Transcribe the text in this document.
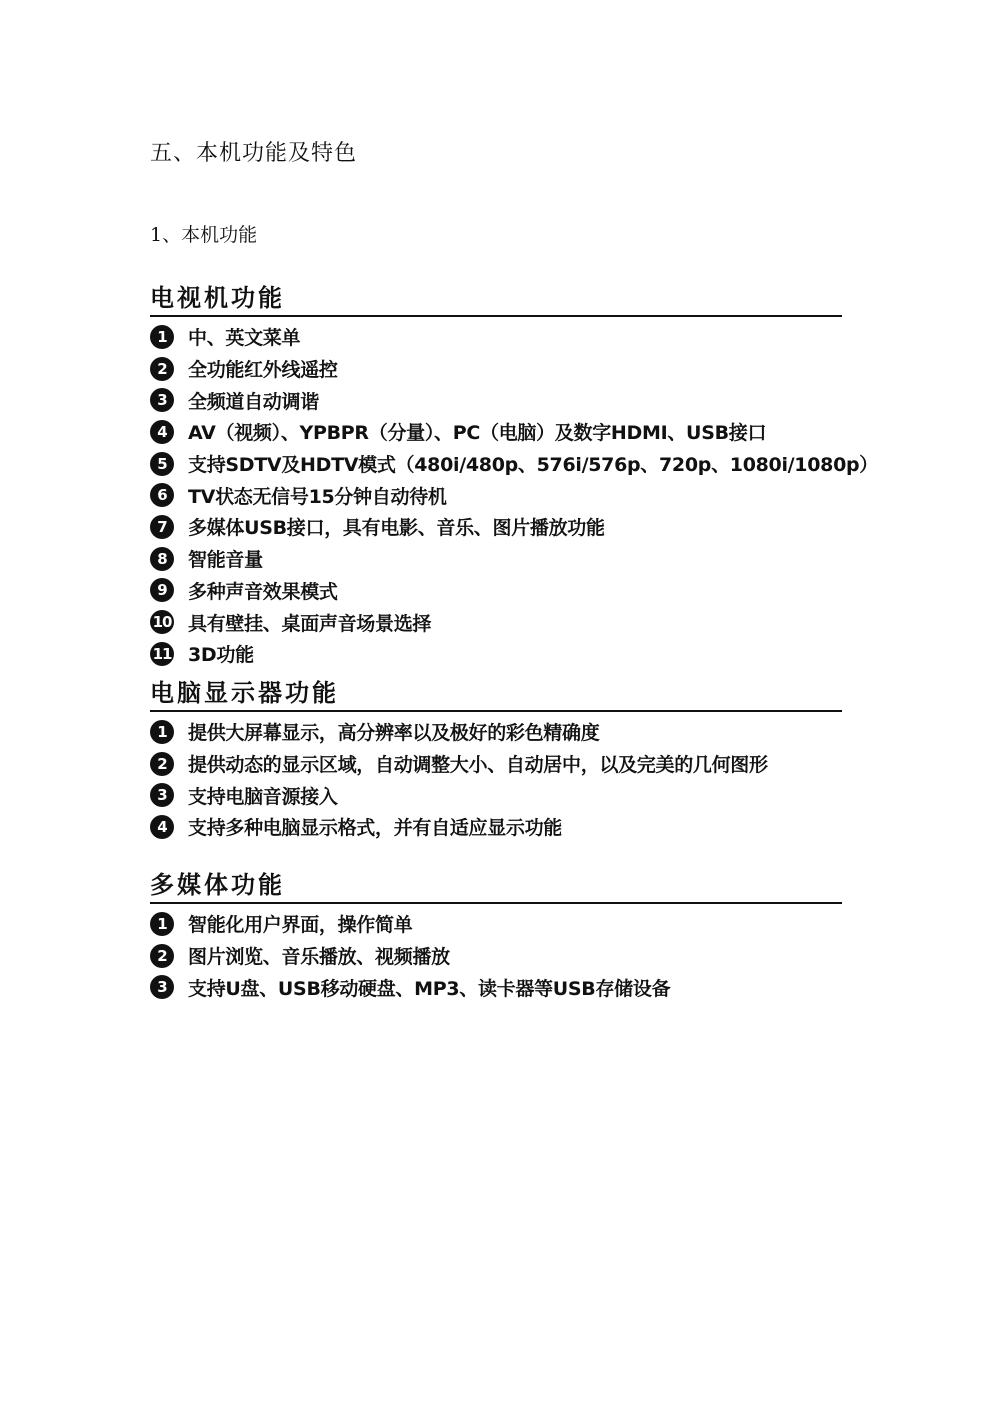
五、本机功能及特色
1、本机功能
电视机功能
1	中、英文菜单
2	全功能红外线遥控
3	全频道自动调谐
4	AV（视频）、YPBPR（分量）、PC（电脑）及数字HDMI、USB接口
5	支持SDTV及HDTV模式（480i/480p、576i/576p、720p、1080i/1080p）
6	TV状态无信号15分钟自动待机
7	多媒体USB接口，具有电影、音乐、图片播放功能
8	智能音量
9	多种声音效果模式
10 具有壁挂、桌面声音场景选择
11 3D功能
电脑显示器功能
1	提供大屏幕显示，高分辨率以及极好的彩色精确度
2	提供动态的显示区域，自动调整大小、自动居中，以及完美的几何图形
3	支持电脑音源接入
4	支持多种电脑显示格式，并有自适应显示功能
多媒体功能
1	智能化用户界面，操作简单
2	图片浏览、音乐播放、视频播放
3	支持U盘、USB移动硬盘、MP3、读卡器等USB存储设备
